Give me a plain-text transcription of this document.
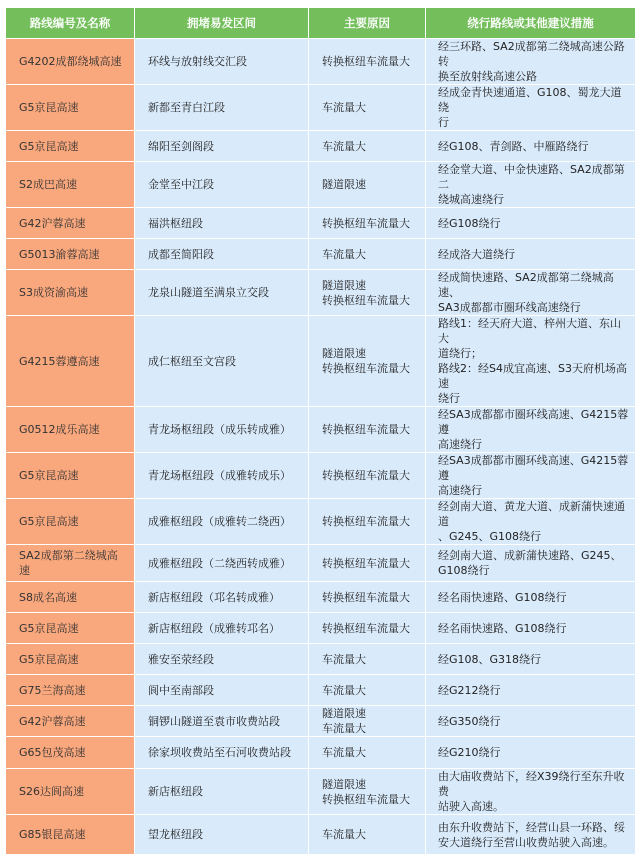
路线编号及名称	拥堵易发区间	主要原因	绕行路线或其他建议措施
G4202成都绕城高速	环线与放射线交汇段	转换枢纽车流量大	经三环路、SA2成都第二绕城高速公路转
换至放射线高速公路

G5京昆高速	新都至青白江段	车流量大	经成金青快速通道、G108、蜀龙大道绕
行

G5京昆高速	绵阳至剑阁段	车流量大	经G108、青剑路、中雁路绕行

S2成巴高速	金堂至中江段	隧道限速	经金堂大道、中金快速路、SA2成都第二
绕城高速绕行

G42沪蓉高速	福洪枢纽段	转换枢纽车流量大	经G108绕行

G5013渝蓉高速	成都至简阳段	车流量大	经成洛大道绕行

S3成资渝高速	龙泉山隧道至满泉立交段	隧道限速
转换枢纽车流量大	经成简快速路、SA2成都第二绕城高速、
SA3成都都市圈环线高速绕行

G4215蓉遵高速	成仁枢纽至文宫段	隧道限速
转换枢纽车流量大	路线1：经天府大道、梓州大道、东山大
道绕行；
路线2：经S4成宜高速、S3天府机场高速
绕行

G0512成乐高速	青龙场枢纽段（成乐转成雅）	转换枢纽车流量大	经SA3成都都市圈环线高速、G4215蓉遵
高速绕行

G5京昆高速	青龙场枢纽段（成雅转成乐）	转换枢纽车流量大	经SA3成都都市圈环线高速、G4215蓉遵
高速绕行

G5京昆高速	成雅枢纽段（成雅转二绕西）	转换枢纽车流量大	经剑南大道、黄龙大道、成新蒲快速通道
、G245、G108绕行

SA2成都第二绕城高速	成雅枢纽段（二绕西转成雅）	转换枢纽车流量大	经剑南大道、成新蒲快速路、G245、
G108绕行

S8成名高速	新店枢纽段（邛名转成雅）	转换枢纽车流量大	经名雨快速路、G108绕行

G5京昆高速	新店枢纽段（成雅转邛名）	转换枢纽车流量大	经名雨快速路、G108绕行

G5京昆高速	雅安至荥经段	车流量大	经G108、G318绕行

G75兰海高速	阆中至南部段	车流量大	经G212绕行

G42沪蓉高速	铜锣山隧道至袁市收费站段	隧道限速
车流量大	经G350绕行

G65包茂高速	徐家坝收费站至石河收费站段	车流量大	经G210绕行

S26达阆高速	新店枢纽段	隧道限速
转换枢纽车流量大	由大庙收费站下，经X39绕行至东升收费
站驶入高速。

G85银昆高速	望龙枢纽段	车流量大	由东升收费站下，经营山县一环路、绥
安大道绕行至营山收费站驶入高速。
